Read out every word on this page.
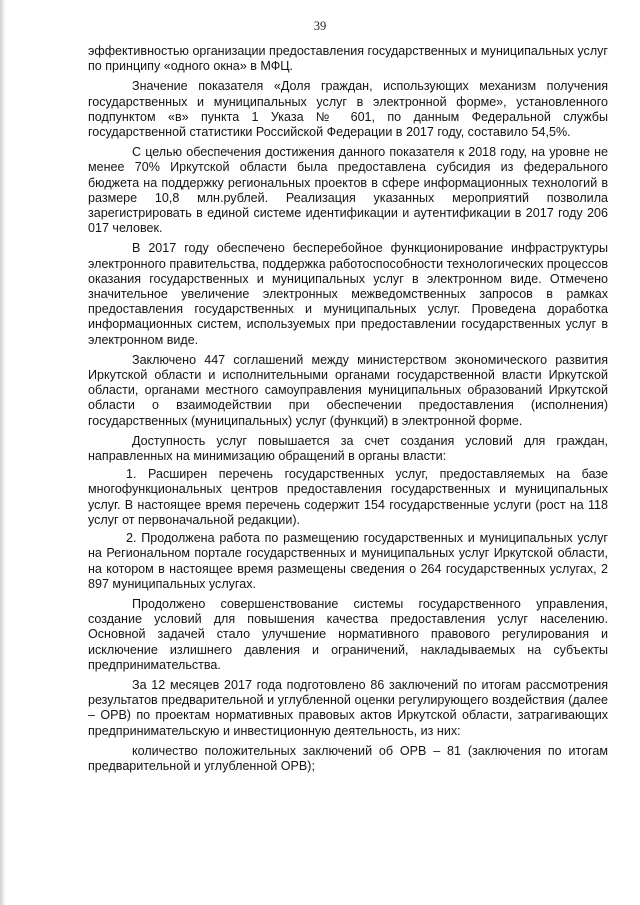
39

эффективностью организации предоставления государственных и муниципальных услуг по принципу «одного окна» в МФЦ.

Значение показателя «Доля граждан, использующих механизм получения государственных и муниципальных услуг в электронной форме», установленного подпунктом «в» пункта 1 Указа № 601, по данным Федеральной службы государственной статистики Российской Федерации в 2017 году, составило 54,5%.

С целью обеспечения достижения данного показателя к 2018 году, на уровне не менее 70% Иркутской области была предоставлена субсидия из федерального бюджета на поддержку региональных проектов в сфере информационных технологий в размере 10,8 млн.рублей. Реализация указанных мероприятий позволила зарегистрировать в единой системе идентификации и аутентификации в 2017 году 206 017 человек.

В 2017 году обеспечено бесперебойное функционирование инфраструктуры электронного правительства, поддержка работоспособности технологических процессов оказания государственных и муниципальных услуг в электронном виде. Отмечено значительное увеличение электронных межведомственных запросов в рамках предоставления государственных и муниципальных услуг. Проведена доработка информационных систем, используемых при предоставлении государственных услуг в электронном виде.

Заключено 447 соглашений между министерством экономического развития Иркутской области и исполнительными органами государственной власти Иркутской области, органами местного самоуправления муниципальных образований Иркутской области о взаимодействии при обеспечении предоставления (исполнения) государственных (муниципальных) услуг (функций) в электронной форме.

Доступность услуг повышается за счет создания условий для граждан, направленных на минимизацию обращений в органы власти:

1. Расширен перечень государственных услуг, предоставляемых на базе многофункциональных центров предоставления государственных и муниципальных услуг. В настоящее время перечень содержит 154 государственные услуги (рост на 118 услуг от первоначальной редакции).

2. Продолжена работа по размещению государственных и муниципальных услуг на Региональном портале государственных и муниципальных услуг Иркутской области, на котором в настоящее время размещены сведения о 264 государственных услугах, 2 897 муниципальных услугах.

Продолжено совершенствование системы государственного управления, создание условий для повышения качества предоставления услуг населению. Основной задачей стало улучшение нормативного правового регулирования и исключение излишнего давления и ограничений, накладываемых на субъекты предпринимательства.

За 12 месяцев 2017 года подготовлено 86 заключений по итогам рассмотрения результатов предварительной и углубленной оценки регулирующего воздействия (далее – ОРВ) по проектам нормативных правовых актов Иркутской области, затрагивающих предпринимательскую и инвестиционную деятельность, из них:

количество положительных заключений об ОРВ – 81 (заключения по итогам предварительной и углубленной ОРВ);
